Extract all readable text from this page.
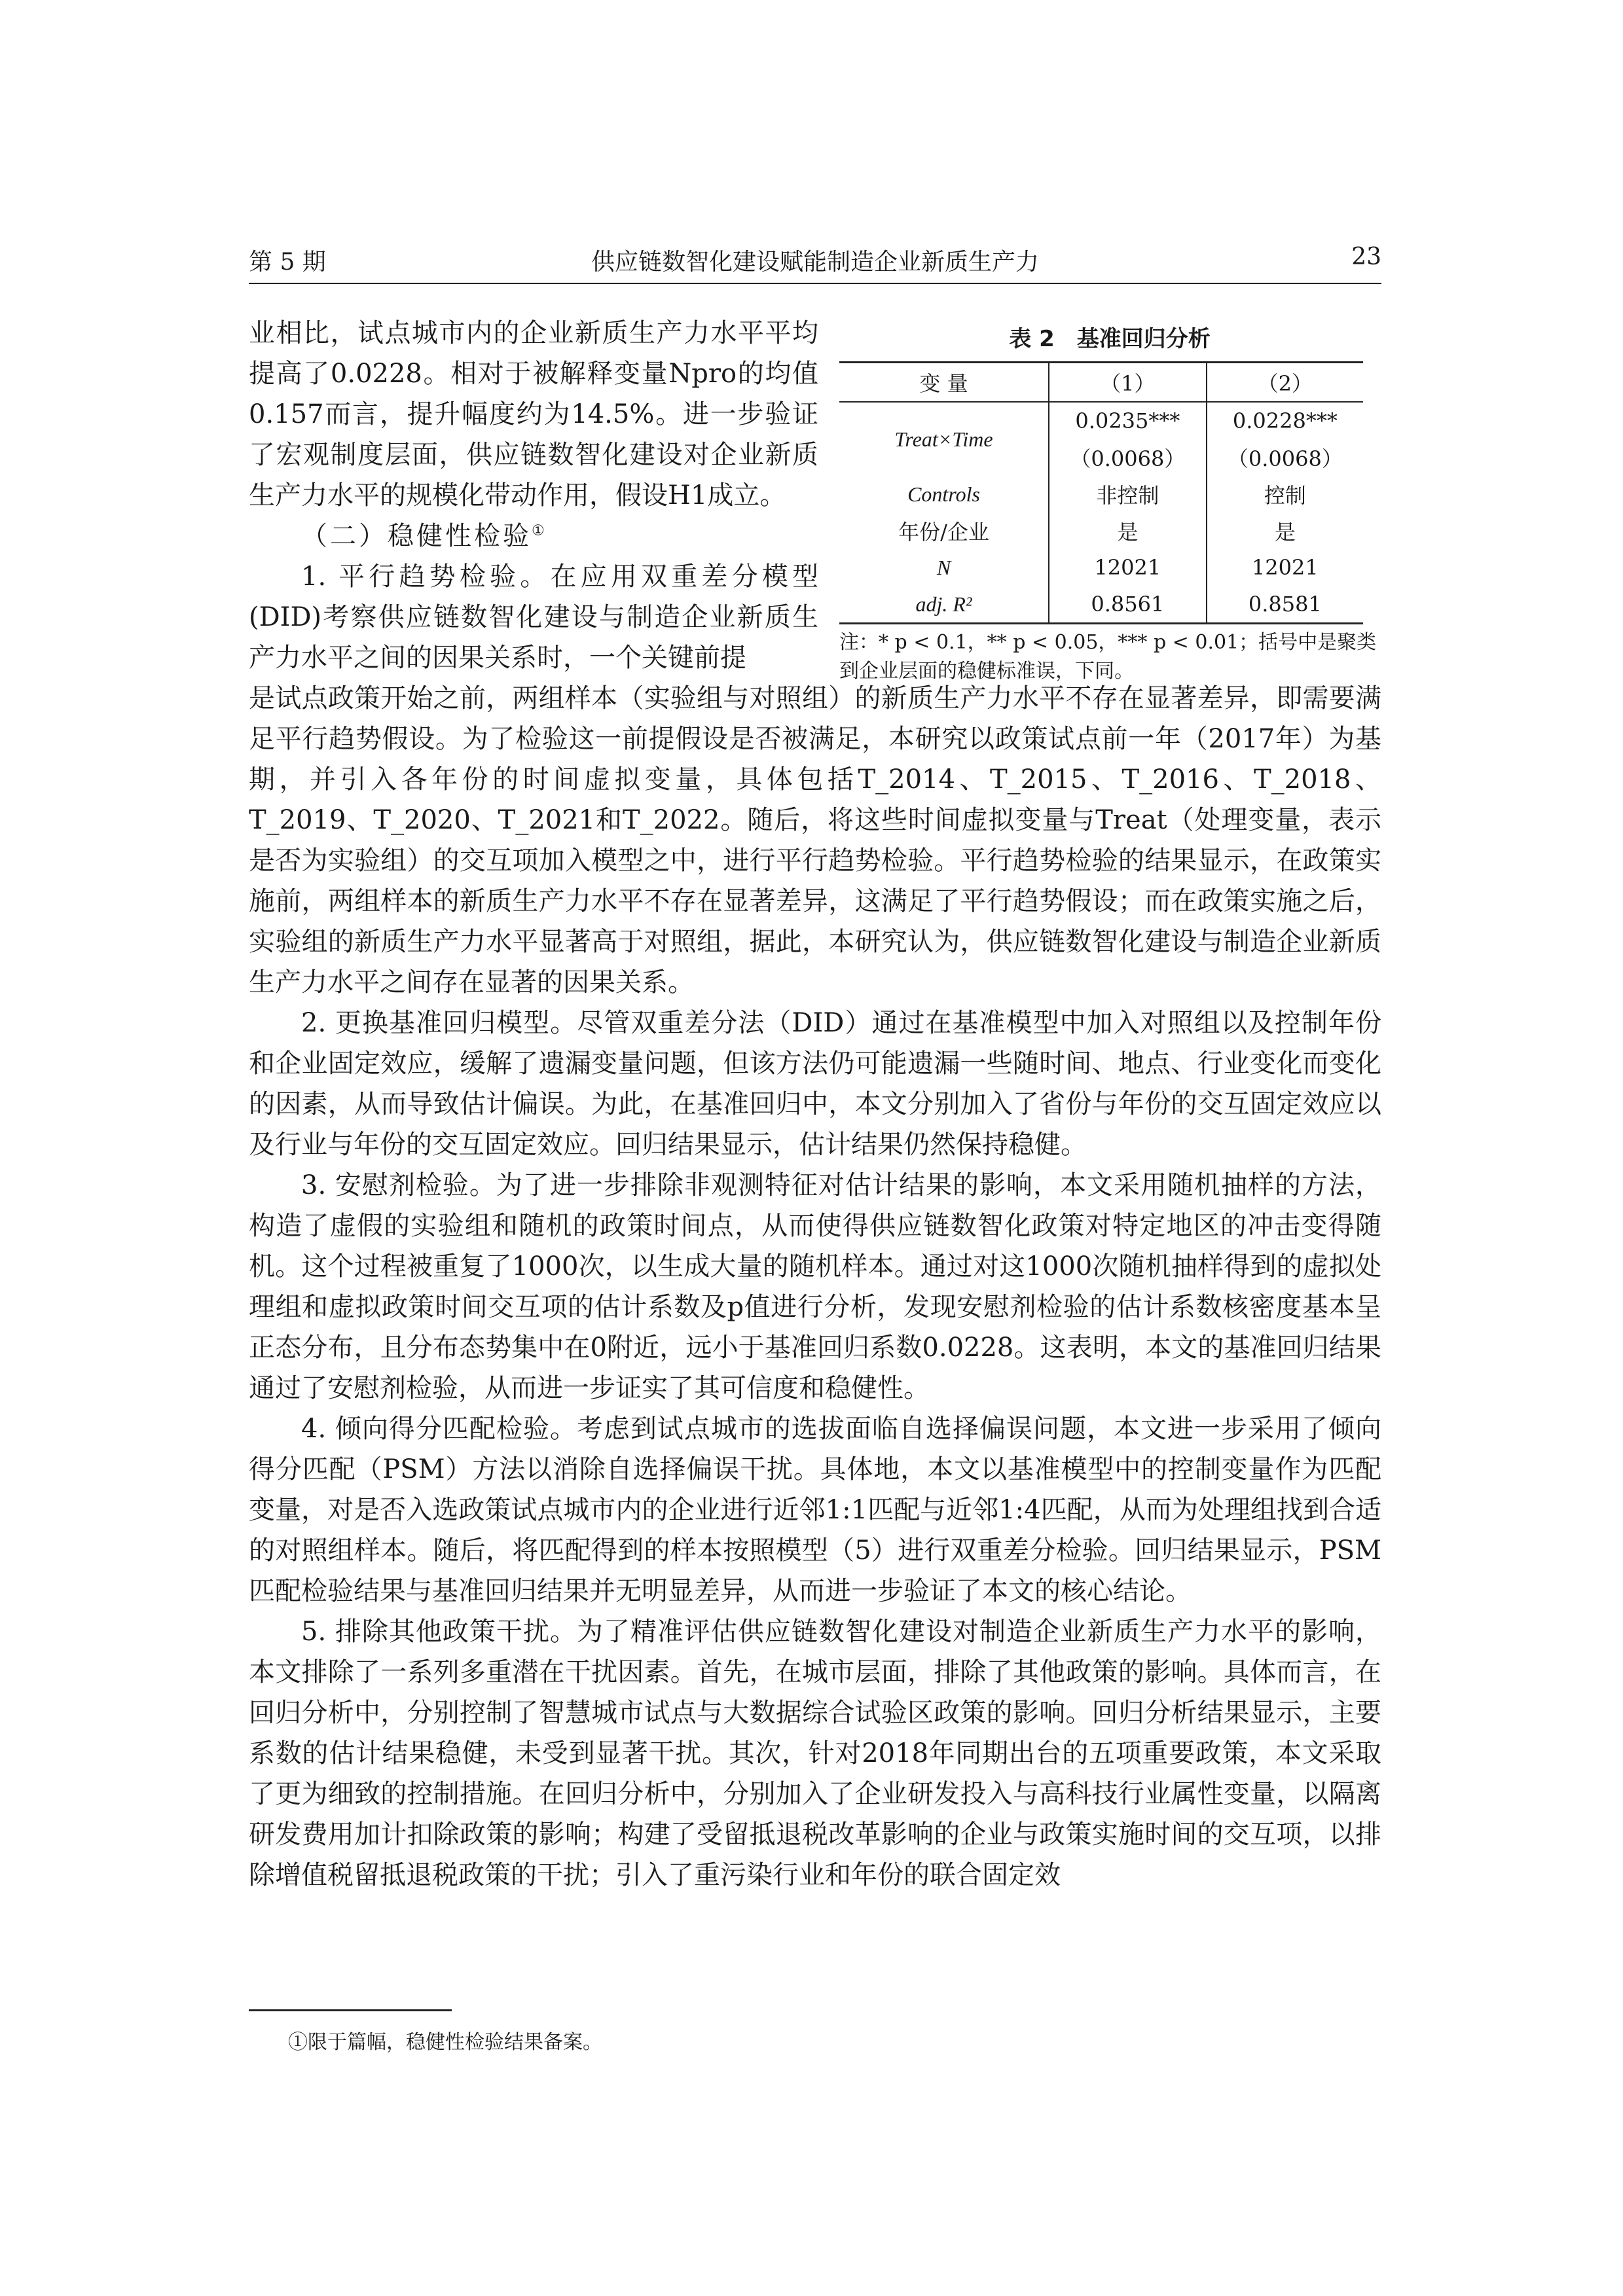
第 5 期	供应链数智化建设赋能制造企业新质生产力	23

业相比，试点城市内的企业新质生产力水平平均提高了0.0228。相对于被解释变量Npro的均值0.157而言，提升幅度约为14.5%。进一步验证了宏观制度层面，供应链数智化建设对企业新质生产力水平的规模化带动作用，假设H1成立。

（二）稳健性检验①

1. 平行趋势检验。在应用双重差分模型(DID)考察供应链数智化建设与制造企业新质生产力水平之间的因果关系时，一个关键前提

表 2　基准回归分析
变 量	（1）	（2）
Treat×Time	0.0235***	0.0228***
	（0.0068）	（0.0068）
Controls	非控制	控制
年份/企业	是	是
N	12021	12021
adj. R²	0.8561	0.8581
注：* p < 0.1，** p < 0.05，*** p < 0.01；括号中是聚类到企业层面的稳健标准误，下同。

是试点政策开始之前，两组样本（实验组与对照组）的新质生产力水平不存在显著差异，即需要满足平行趋势假设。为了检验这一前提假设是否被满足，本研究以政策试点前一年（2017年）为基期，并引入各年份的时间虚拟变量，具体包括T_2014、T_2015、T_2016、T_2018、T_2019、T_2020、T_2021和T_2022。随后，将这些时间虚拟变量与Treat（处理变量，表示是否为实验组）的交互项加入模型之中，进行平行趋势检验。平行趋势检验的结果显示，在政策实施前，两组样本的新质生产力水平不存在显著差异，这满足了平行趋势假设；而在政策实施之后，实验组的新质生产力水平显著高于对照组，据此，本研究认为，供应链数智化建设与制造企业新质生产力水平之间存在显著的因果关系。

2. 更换基准回归模型。尽管双重差分法（DID）通过在基准模型中加入对照组以及控制年份和企业固定效应，缓解了遗漏变量问题，但该方法仍可能遗漏一些随时间、地点、行业变化而变化的因素，从而导致估计偏误。为此，在基准回归中，本文分别加入了省份与年份的交互固定效应以及行业与年份的交互固定效应。回归结果显示，估计结果仍然保持稳健。

3. 安慰剂检验。为了进一步排除非观测特征对估计结果的影响，本文采用随机抽样的方法，构造了虚假的实验组和随机的政策时间点，从而使得供应链数智化政策对特定地区的冲击变得随机。这个过程被重复了1000次，以生成大量的随机样本。通过对这1000次随机抽样得到的虚拟处理组和虚拟政策时间交互项的估计系数及p值进行分析，发现安慰剂检验的估计系数核密度基本呈正态分布，且分布态势集中在0附近，远小于基准回归系数0.0228。这表明，本文的基准回归结果通过了安慰剂检验，从而进一步证实了其可信度和稳健性。

4. 倾向得分匹配检验。考虑到试点城市的选拔面临自选择偏误问题，本文进一步采用了倾向得分匹配（PSM）方法以消除自选择偏误干扰。具体地，本文以基准模型中的控制变量作为匹配变量，对是否入选政策试点城市内的企业进行近邻1:1匹配与近邻1:4匹配，从而为处理组找到合适的对照组样本。随后，将匹配得到的样本按照模型（5）进行双重差分检验。回归结果显示，PSM匹配检验结果与基准回归结果并无明显差异，从而进一步验证了本文的核心结论。

5. 排除其他政策干扰。为了精准评估供应链数智化建设对制造企业新质生产力水平的影响，本文排除了一系列多重潜在干扰因素。首先，在城市层面，排除了其他政策的影响。具体而言，在回归分析中，分别控制了智慧城市试点与大数据综合试验区政策的影响。回归分析结果显示，主要系数的估计结果稳健，未受到显著干扰。其次，针对2018年同期出台的五项重要政策，本文采取了更为细致的控制措施。在回归分析中，分别加入了企业研发投入与高科技行业属性变量，以隔离研发费用加计扣除政策的影响；构建了受留抵退税改革影响的企业与政策实施时间的交互项，以排除增值税留抵退税政策的干扰；引入了重污染行业和年份的联合固定效

①限于篇幅，稳健性检验结果备案。
